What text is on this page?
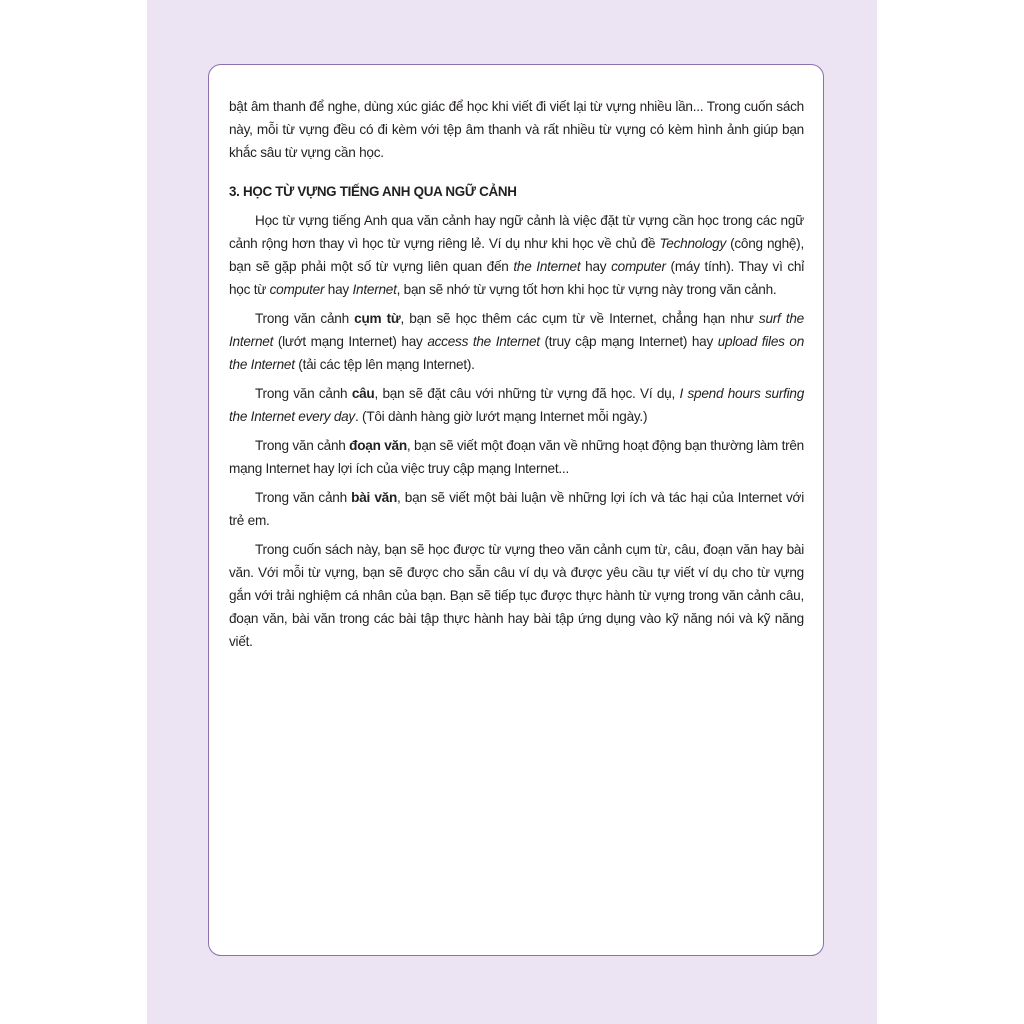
bật âm thanh để nghe, dùng xúc giác để học khi viết đi viết lại từ vựng nhiều lần... Trong cuốn sách này, mỗi từ vựng đều có đi kèm với tệp âm thanh và rất nhiều từ vựng có kèm hình ảnh giúp bạn khắc sâu từ vựng cần học.

3. HỌC TỪ VỰNG TIẾNG ANH QUA NGỮ CẢNH

Học từ vựng tiếng Anh qua văn cảnh hay ngữ cảnh là việc đặt từ vựng cần học trong các ngữ cảnh rộng hơn thay vì học từ vựng riêng lẻ. Ví dụ như khi học về chủ đề Technology (công nghệ), bạn sẽ gặp phải một số từ vựng liên quan đến the Internet hay computer (máy tính). Thay vì chỉ học từ computer hay Internet, bạn sẽ nhớ từ vựng tốt hơn khi học từ vựng này trong văn cảnh.

Trong văn cảnh cụm từ, bạn sẽ học thêm các cụm từ về Internet, chẳng hạn như surf the Internet (lướt mạng Internet) hay access the Internet (truy cập mạng Internet) hay upload files on the Internet (tải các tệp lên mạng Internet).

Trong văn cảnh câu, bạn sẽ đặt câu với những từ vựng đã học. Ví dụ, I spend hours surfing the Internet every day. (Tôi dành hàng giờ lướt mạng Internet mỗi ngày.)

Trong văn cảnh đoạn văn, bạn sẽ viết một đoạn văn về những hoạt động bạn thường làm trên mạng Internet hay lợi ích của việc truy cập mạng Internet...

Trong văn cảnh bài văn, bạn sẽ viết một bài luận về những lợi ích và tác hại của Internet với trẻ em.

Trong cuốn sách này, bạn sẽ học được từ vựng theo văn cảnh cụm từ, câu, đoạn văn hay bài văn. Với mỗi từ vựng, bạn sẽ được cho sẵn câu ví dụ và được yêu cầu tự viết ví dụ cho từ vựng gắn với trải nghiệm cá nhân của bạn. Bạn sẽ tiếp tục được thực hành từ vựng trong văn cảnh câu, đoạn văn, bài văn trong các bài tập thực hành hay bài tập ứng dụng vào kỹ năng nói và kỹ năng viết.
